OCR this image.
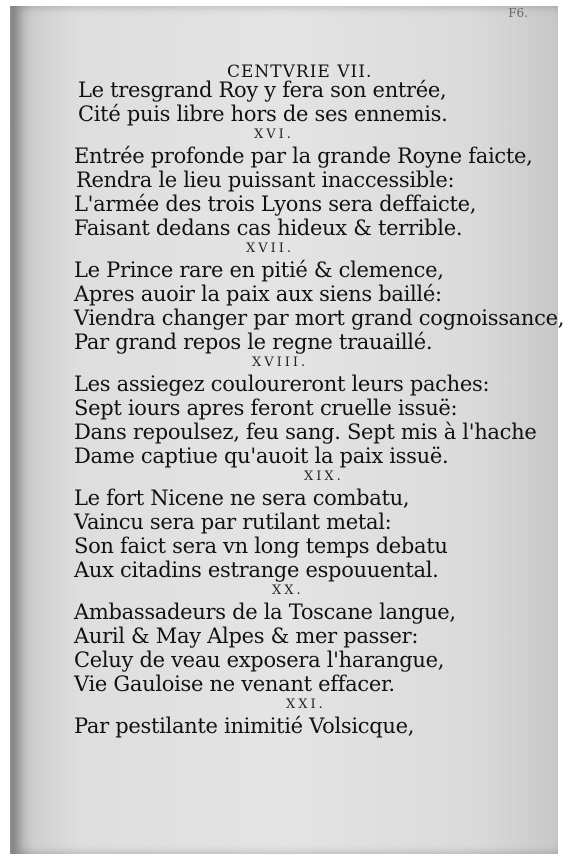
F6.
CENTVRIE VII.
Le tresgrand Roy y fera son entrée,
Cité puis libre hors de ses ennemis.
XVI.
Entrée profonde par la grande Royne faicte,
Rendra le lieu puissant inaccessible:
L'armée des trois Lyons sera deffaicte,
Faisant dedans cas hideux & terrible.
XVII.
Le Prince rare en pitié & clemence,
Apres auoir la paix aux siens baillé:
Viendra changer par mort grand cognoissance,
Par grand repos le regne trauaillé.
XVIII.
Les assiegez couloureront leurs paches:
Sept iours apres feront cruelle issuë:
Dans repoulsez, feu sang. Sept mis à l'hache
Dame captiue qu'auoit la paix issuë.
XIX.
Le fort Nicene ne sera combatu,
Vaincu sera par rutilant metal:
Son faict sera vn long temps debatu
Aux citadins estrange espouuental.
XX.
Ambassadeurs de la Toscane langue,
Auril & May Alpes & mer passer:
Celuy de veau exposera l'harangue,
Vie Gauloise ne venant effacer.
XXI.
Par pestilante inimitié Volsicque,
